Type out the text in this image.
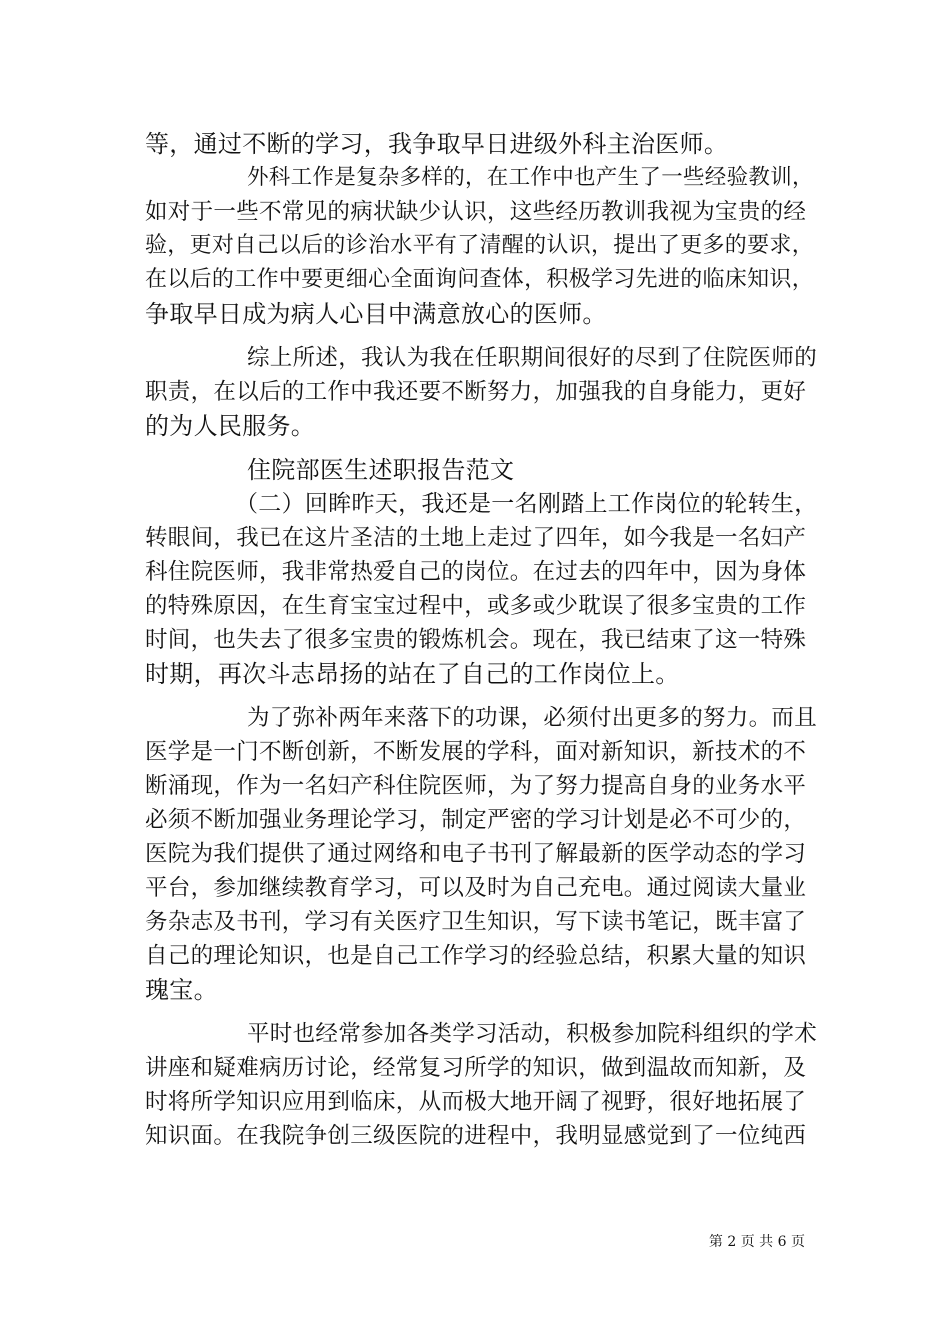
等，通过不断的学习，我争取早日进级外科主治医师。
外科工作是复杂多样的，在工作中也产生了一些经验教训，
如对于一些不常见的病状缺少认识，这些经历教训我视为宝贵的经
验，更对自己以后的诊治水平有了清醒的认识，提出了更多的要求，
在以后的工作中要更细心全面询问查体，积极学习先进的临床知识，
争取早日成为病人心目中满意放心的医师。
综上所述，我认为我在任职期间很好的尽到了住院医师的
职责，在以后的工作中我还要不断努力，加强我的自身能力，更好
的为人民服务。
住院部医生述职报告范文
（二）回眸昨天，我还是一名刚踏上工作岗位的轮转生，
转眼间，我已在这片圣洁的土地上走过了四年，如今我是一名妇产
科住院医师，我非常热爱自己的岗位。在过去的四年中，因为身体
的特殊原因，在生育宝宝过程中，或多或少耽误了很多宝贵的工作
时间，也失去了很多宝贵的锻炼机会。现在，我已结束了这一特殊
时期，再次斗志昂扬的站在了自己的工作岗位上。
为了弥补两年来落下的功课，必须付出更多的努力。而且
医学是一门不断创新，不断发展的学科，面对新知识，新技术的不
断涌现，作为一名妇产科住院医师，为了努力提高自身的业务水平
必须不断加强业务理论学习，制定严密的学习计划是必不可少的，
医院为我们提供了通过网络和电子书刊了解最新的医学动态的学习
平台，参加继续教育学习，可以及时为自己充电。通过阅读大量业
务杂志及书刊，学习有关医疗卫生知识，写下读书笔记，既丰富了
自己的理论知识，也是自己工作学习的经验总结，积累大量的知识
瑰宝。
平时也经常参加各类学习活动，积极参加院科组织的学术
讲座和疑难病历讨论，经常复习所学的知识，做到温故而知新，及
时将所学知识应用到临床，从而极大地开阔了视野，很好地拓展了
知识面。在我院争创三级医院的进程中，我明显感觉到了一位纯西
第 2 页 共 6 页
